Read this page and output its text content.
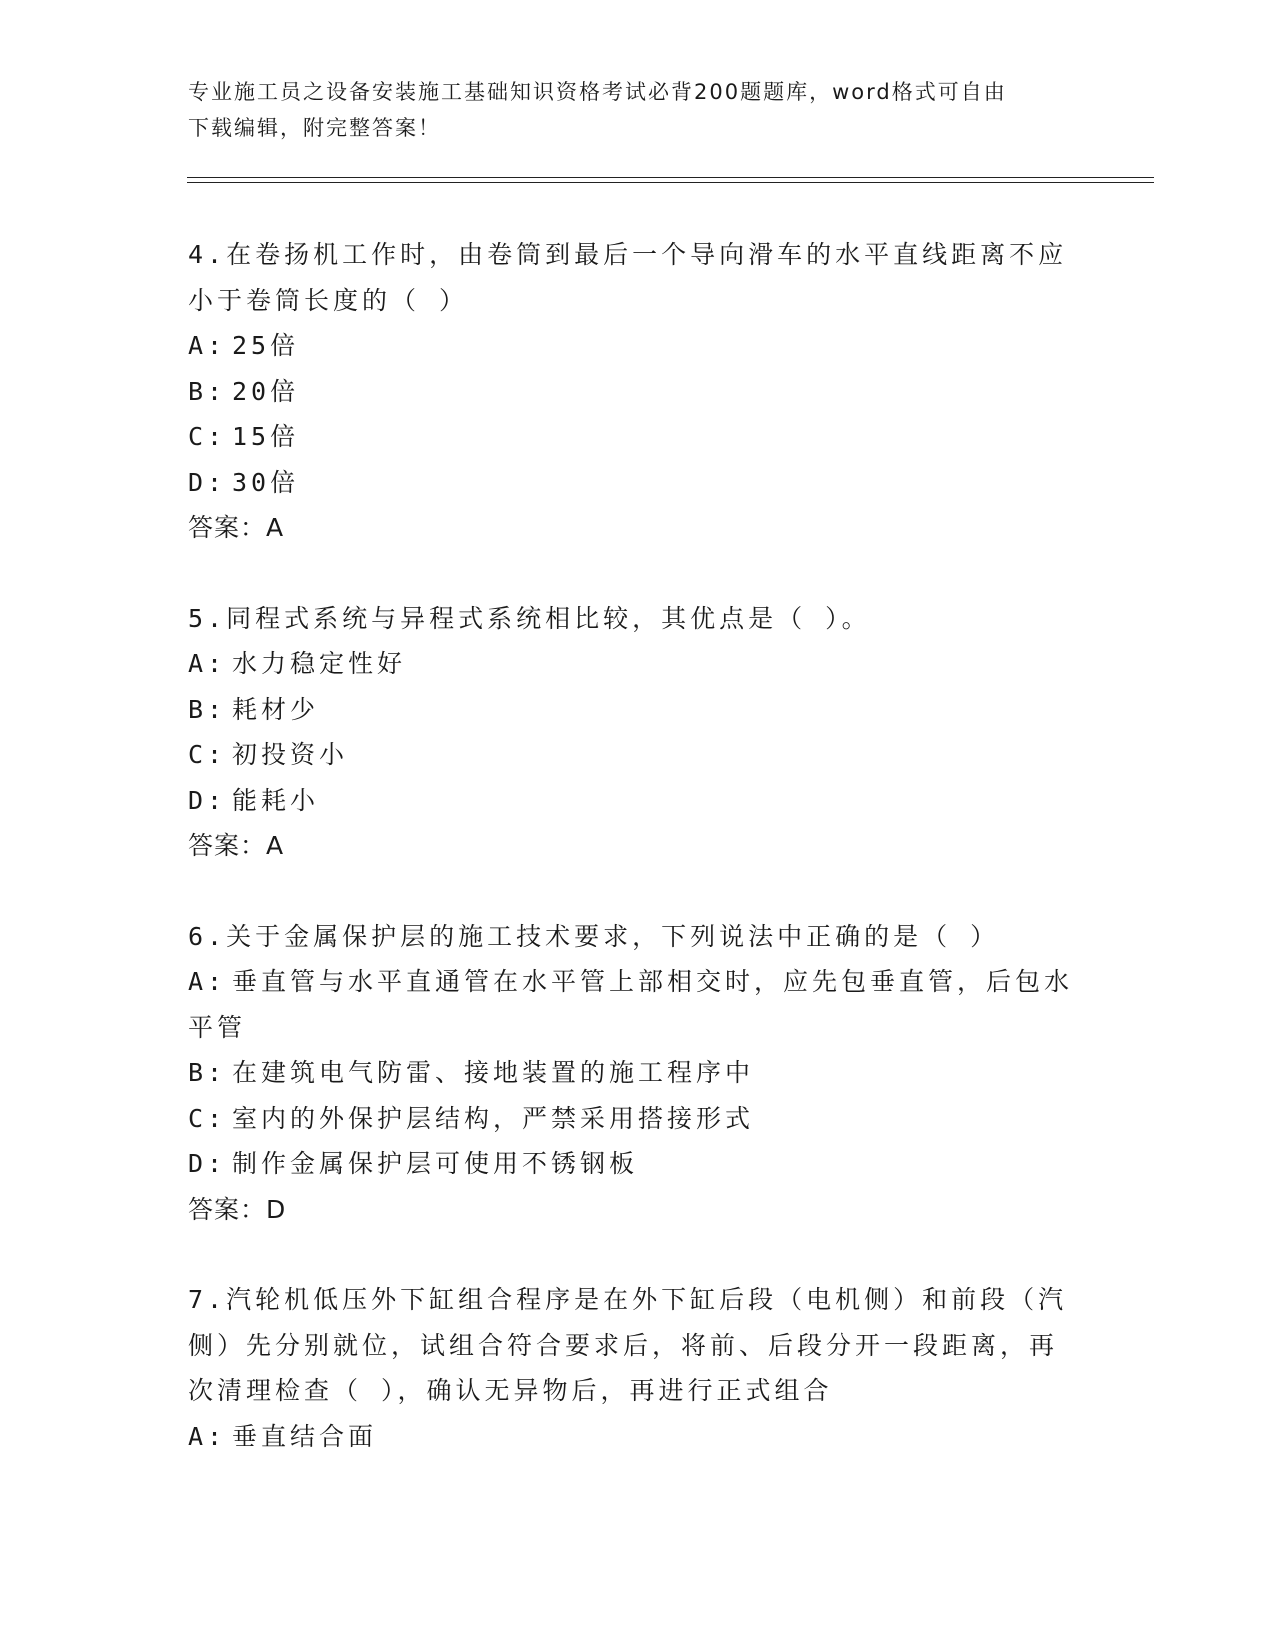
专业施工员之设备安装施工基础知识资格考试必背200题题库，word格式可自由
下载编辑，附完整答案！
4.在卷扬机工作时，由卷筒到最后一个导向滑车的水平直线距离不应
小于卷筒长度的（ ）
A: 25倍
B: 20倍
C: 15倍
D: 30倍
答案：A
5.同程式系统与异程式系统相比较，其优点是（ ）。
A: 水力稳定性好
B: 耗材少
C: 初投资小
D: 能耗小
答案：A
6.关于金属保护层的施工技术要求，下列说法中正确的是（ ）
A: 垂直管与水平直通管在水平管上部相交时，应先包垂直管，后包水
平管
B: 在建筑电气防雷、接地装置的施工程序中
C: 室内的外保护层结构，严禁采用搭接形式
D: 制作金属保护层可使用不锈钢板
答案：D
7.汽轮机低压外下缸组合程序是在外下缸后段（电机侧）和前段（汽
侧）先分别就位，试组合符合要求后，将前、后段分开一段距离，再
次清理检查（ ），确认无异物后，再进行正式组合
A: 垂直结合面
